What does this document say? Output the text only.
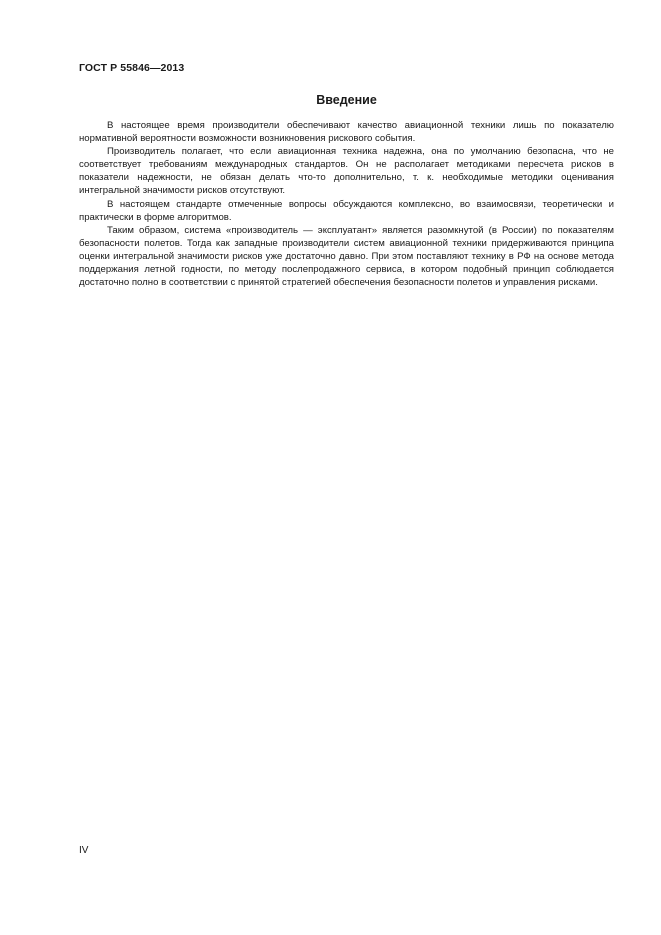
ГОСТ Р 55846—2013
Введение

В настоящее время производители обеспечивают качество авиационной техники лишь по показателю нормативной вероятности возможности возникновения рискового события.

Производитель полагает, что если авиационная техника надежна, она по умолчанию безопасна, что не соответствует требованиям международных стандартов. Он не располагает методиками пересчета рисков в показатели надежности, не обязан делать что-то дополнительно, т. к. необходимые методики оценивания интегральной значимости рисков отсутствуют.

В настоящем стандарте отмеченные вопросы обсуждаются комплексно, во взаимосвязи, теоретически и практически в форме алгоритмов.

Таким образом, система «производитель — эксплуатант» является разомкнутой (в России) по показателям безопасности полетов. Тогда как западные производители систем авиационной техники придерживаются принципа оценки интегральной значимости рисков уже достаточно давно. При этом поставляют технику в РФ на основе метода поддержания летной годности, по методу послепродажного сервиса, в котором подобный принцип соблюдается достаточно полно в соответствии с принятой стратегией обеспечения безопасности полетов и управления рисками.

IV
